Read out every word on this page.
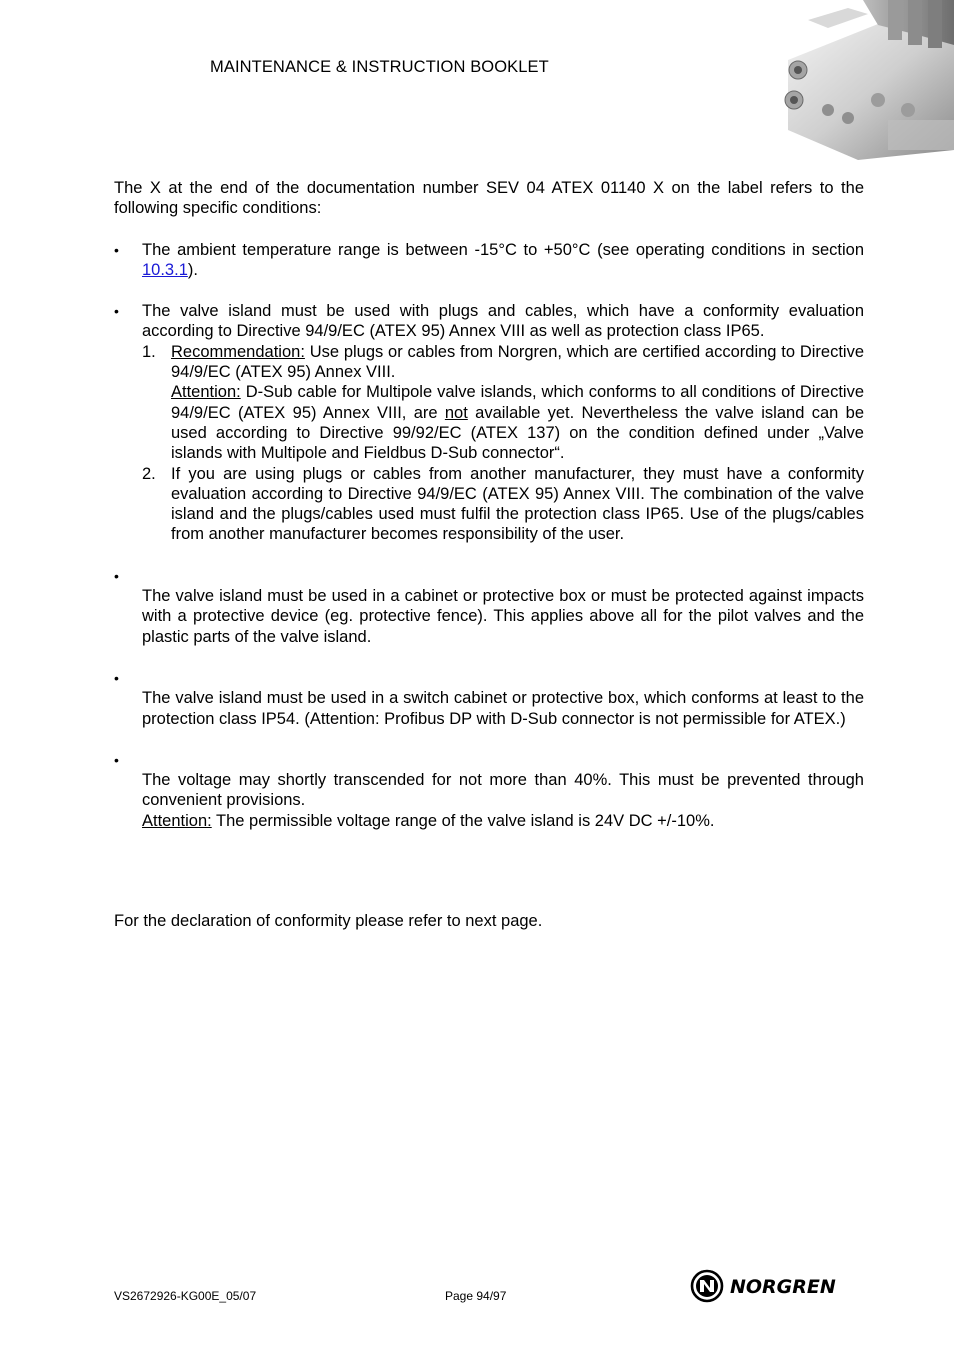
MAINTENANCE & INSTRUCTION BOOKLET

The X at the end of the documentation number SEV 04 ATEX 01140 X on the label refers to the following specific conditions:

• The ambient temperature range is between -15°C to +50°C (see operating conditions in section 10.3.1).
• The valve island must be used with plugs and cables, which have a conformity evaluation according to Directive 94/9/EC (ATEX 95) Annex VIII as well as protection class IP65.
1. Recommendation: Use plugs or cables from Norgren, which are certified according to Directive 94/9/EC (ATEX 95) Annex VIII.
Attention: D-Sub cable for Multipole valve islands, which conforms to all conditions of Directive 94/9/EC (ATEX 95) Annex VIII, are not available yet. Nevertheless the valve island can be used according to Directive 99/92/EC (ATEX 137) on the condition defined under „Valve islands with Multipole and Fieldbus D-Sub connector“.
2. If you are using plugs or cables from another manufacturer, they must have a conformity evaluation according to Directive 94/9/EC (ATEX 95) Annex VIII. The combination of the valve island and the plugs/cables used must fulfil the protection class IP65. Use of the plugs/cables from another manufacturer becomes responsibility of the user.
•
The valve island must be used in a cabinet or protective box or must be protected against impacts with a protective device (eg. protective fence). This applies above all for the pilot valves and the plastic parts of the valve island.
•
The valve island must be used in a switch cabinet or protective box, which conforms at least to the protection class IP54. (Attention: Profibus DP with D-Sub connector is not permissible for ATEX.)
•
The voltage may shortly transcended for not more than 40%. This must be prevented through convenient provisions.
Attention: The permissible voltage range of the valve island is 24V DC +/-10%.

For the declaration of conformity please refer to next page.

VS2672926-KG00E_05/07	Page 94/97	NORGREN
